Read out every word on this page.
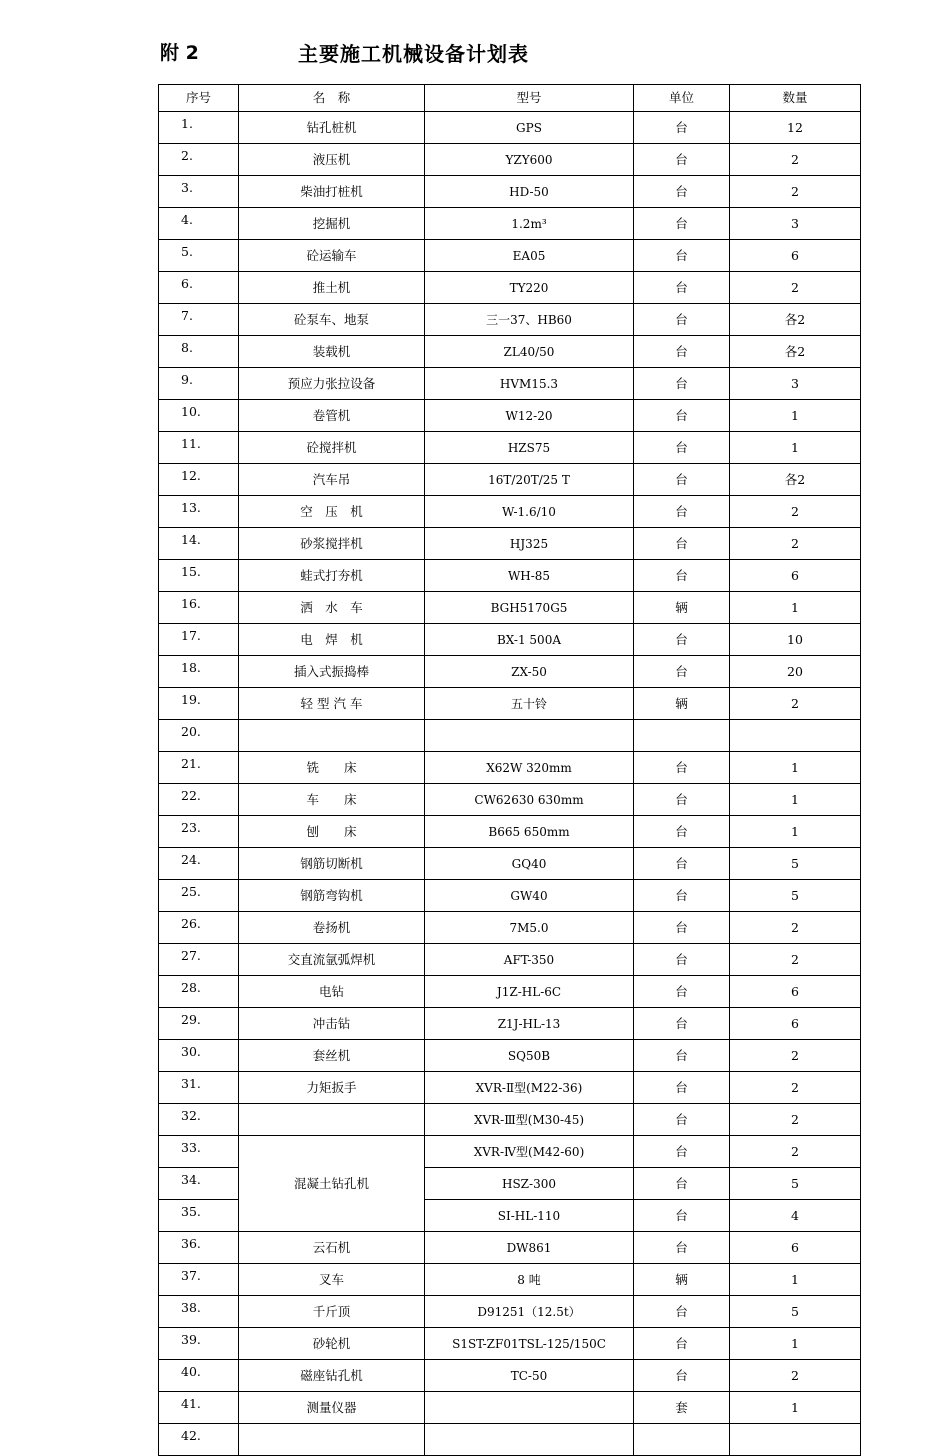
附 2	主要施工机械设备计划表
序号	名　称	型号	单位	数量
1.	钻孔桩机	GPS	台	12
2.	液压机	YZY600	台	2
3.	柴油打桩机	HD-50	台	2
4.	挖掘机	1.2m³	台	3
5.	砼运输车	EA05	台	6
6.	推土机	TY220	台	2
7.	砼泵车、地泵	三一37、HB60	台	各2
8.	装载机	ZL40/50	台	各2
9.	预应力张拉设备	HVM15.3	台	3
10.	卷管机	W12-20	台	1
11.	砼搅拌机	HZS75	台	1
12.	汽车吊	16T/20T/25 T	台	各2
13.	空　压　机	W-1.6/10	台	2
14.	砂浆搅拌机	HJ325	台	2
15.	蛙式打夯机	WH-85	台	6
16.	洒　水　车	BGH5170G5	辆	1
17.	电　焊　机	BX-1 500A	台	10
18.	插入式振捣棒	ZX-50	台	20
19.	轻 型 汽 车	五十铃	辆	2
20.				
21.	铣　　床	X62W 320mm	台	1
22.	车　　床	CW62630 630mm	台	1
23.	刨　　床	B665 650mm	台	1
24.	钢筋切断机	GQ40	台	5
25.	钢筋弯钩机	GW40	台	5
26.	卷扬机	7M5.0	台	2
27.	交直流氩弧焊机	AFT-350	台	2
28.	电钻	J1Z-HL-6C	台	6
29.	冲击钻	Z1J-HL-13	台	6
30.	套丝机	SQ50B	台	2
31.	力矩扳手	XVR-Ⅱ型(M22-36)	台	2
32.		XVR-Ⅲ型(M30-45)	台	2
33.	混凝土钻孔机	XVR-Ⅳ型(M42-60)	台	2
34.		HSZ-300	台	5
35.		SI-HL-110	台	4
36.	云石机	DW861	台	6
37.	叉车	8 吨	辆	1
38.	千斤顶	D91251（12.5t）	台	5
39.	砂轮机	S1ST-ZF01TSL-125/150C	台	1
40.	磁座钻孔机	TC-50	台	2
41.	测量仪器		套	1
42.				
